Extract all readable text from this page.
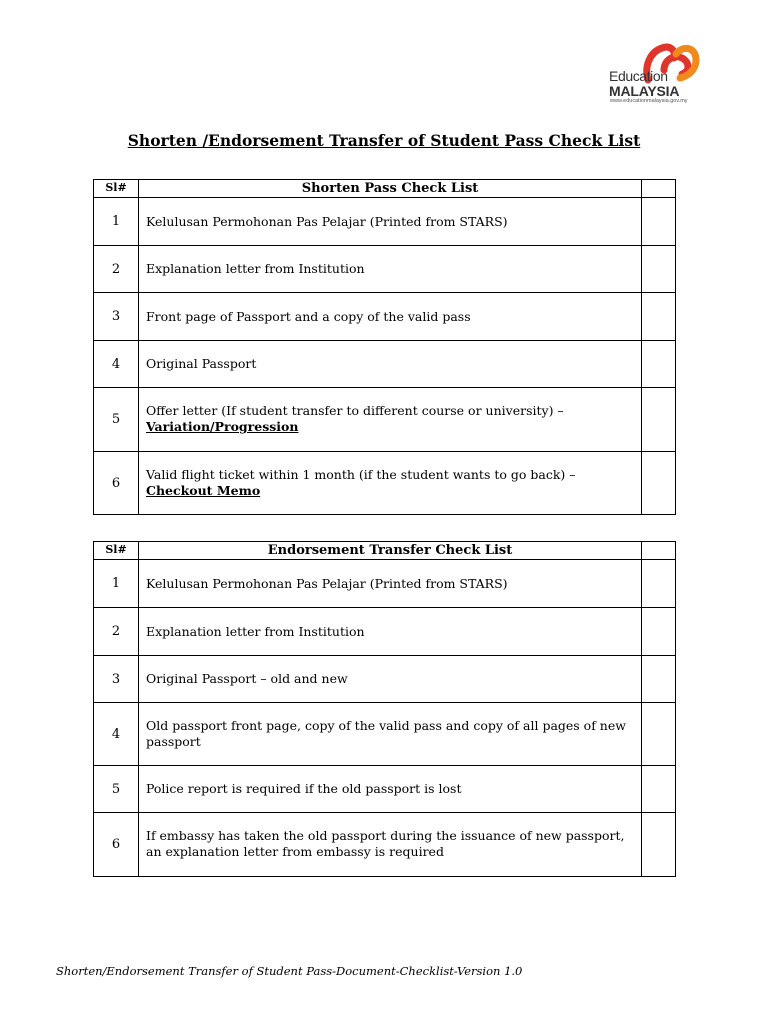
Education
MALAYSIA
www.educationmalaysia.gov.my
Shorten /Endorsement Transfer of Student Pass Check List
Sl#	Shorten Pass Check List	
1	Kelulusan Permohonan Pas Pelajar (Printed from STARS)	
2	Explanation letter from Institution	
3	Front page of Passport and a copy of the valid pass	
4	Original Passport	
5	Offer letter (If student transfer to different course or university) – Variation/Progression	
6	Valid flight ticket within 1 month (if the student wants to go back) – Checkout Memo	
Sl#	Endorsement Transfer Check List	
1	Kelulusan Permohonan Pas Pelajar (Printed from STARS)	
2	Explanation letter from Institution	
3	Original Passport – old and new	
4	Old passport front page, copy of the valid pass and copy of all pages of new passport	
5	Police report is required if the old passport is lost	
6	If embassy has taken the old passport during the issuance of new passport, an explanation letter from embassy is required	
Shorten/Endorsement Transfer of Student Pass-Document-Checklist-Version 1.0
